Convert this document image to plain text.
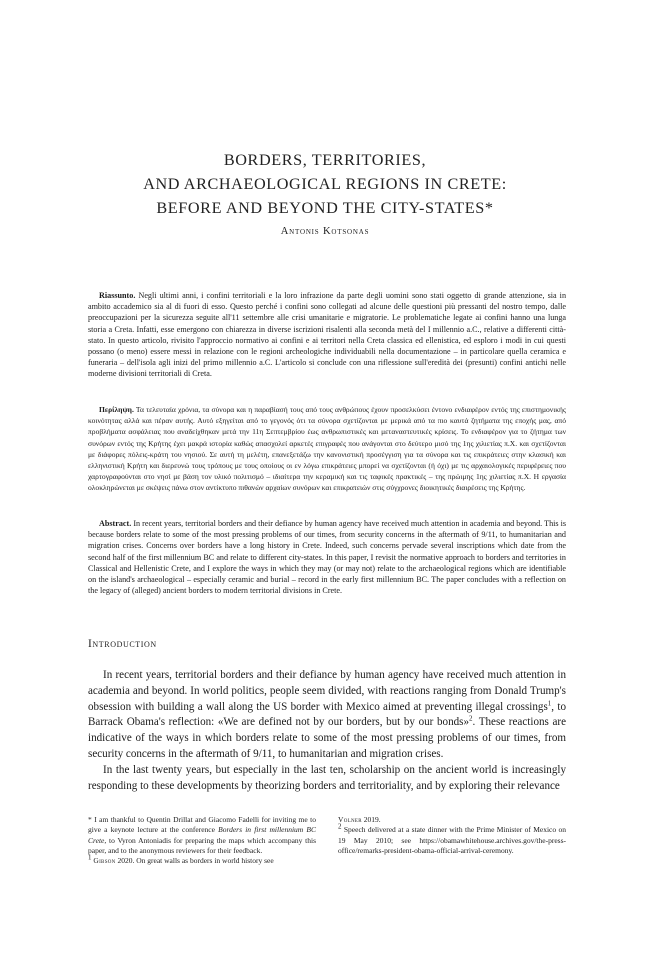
BORDERS, TERRITORIES,
AND ARCHAEOLOGICAL REGIONS IN CRETE:
BEFORE AND BEYOND THE CITY-STATES*
Antonis Kotsonas
Riassunto. Negli ultimi anni, i confini territoriali e la loro infrazione da parte degli uomini sono stati oggetto di grande attenzione, sia in ambito accademico sia al di fuori di esso. Questo perché i confini sono collegati ad alcune delle questioni più pressanti del nostro tempo, dalle preoccupazioni per la sicurezza seguite all'11 settembre alle crisi umanitarie e migratorie. Le problematiche legate ai confini hanno una lunga storia a Creta. Infatti, esse emergono con chiarezza in diverse iscrizioni risalenti alla seconda metà del I millennio a.C., relative a differenti città-stato. In questo articolo, rivisito l'approccio normativo ai confini e ai territori nella Creta classica ed ellenistica, ed esploro i modi in cui questi possano (o meno) essere messi in relazione con le regioni archeologiche individuabili nella documentazione – in particolare quella ceramica e funeraria – dell'isola agli inizi del primo millennio a.C. L'articolo si conclude con una riflessione sull'eredità dei (presunti) confini antichi nelle moderne divisioni territoriali di Creta.
Περίληψη. Τα τελευταία χρόνια, τα σύνορα και η παραβίασή τους από τους ανθρώπους έχουν προσελκύσει έντονο ενδιαφέρον εντός της επιστημονικής κοινότητας αλλά και πέραν αυτής. Αυτό εξηγείται από το γεγονός ότι τα σύνορα σχετίζονται με μερικά από τα πιο καυτά ζητήματα της εποχής μας, από προβλήματα ασφάλειας που αναδείχθηκαν μετά την 11η Σεπτεμβρίου έως ανθρωπιστικές και μεταναστευτικές κρίσεις. Το ενδιαφέρον για το ζήτημα των συνόρων εντός της Κρήτης έχει μακρά ιστορία καθώς απασχολεί αρκετές επιγραφές που ανάγονται στο δεύτερο μισό της 1ης χιλιετίας π.Χ. και σχετίζονται με διάφορες πόλεις-κράτη του νησιού. Σε αυτή τη μελέτη, επανεξετάζω την κανονιστική προσέγγιση για τα σύνορα και τις επικράτειες στην κλασική και ελληνιστική Κρήτη και διερευνώ τους τρόπους με τους οποίους οι εν λόγω επικράτειες μπορεί να σχετίζονται (ή όχι) με τις αρχαιολογικές περιφέρειες που χαρτογραφούνται στο νησί με βάση τον υλικό πολιτισμό – ιδιαίτερα την κεραμική και τις ταφικές πρακτικές – της πρώιμης 1ης χιλιετίας π.Χ. Η εργασία ολοκληρώνεται με σκέψεις πάνω στον αντίκτυπο πιθανών αρχαίων συνόρων και επικρατειών στις σύγχρονες διοικητικές διαιρέσεις της Κρήτης.
Abstract. In recent years, territorial borders and their defiance by human agency have received much attention in academia and beyond. This is because borders relate to some of the most pressing problems of our times, from security concerns in the aftermath of 9/11, to humanitarian and migration crises. Concerns over borders have a long history in Crete. Indeed, such concerns pervade several inscriptions which date from the second half of the first millennium BC and relate to different city-states. In this paper, I revisit the normative approach to borders and territories in Classical and Hellenistic Crete, and I explore the ways in which they may (or may not) relate to the archaeological regions which are identifiable on the island's archaeological – especially ceramic and burial – record in the early first millennium BC. The paper concludes with a reflection on the legacy of (alleged) ancient borders to modern territorial divisions in Crete.
Introduction

In recent years, territorial borders and their defiance by human agency have received much attention in academia and beyond. In world politics, people seem divided, with reactions ranging from Donald Trump's obsession with building a wall along the US border with Mexico aimed at preventing illegal crossings$^1$, to Barrack Obama's reflection: «We are defined not by our borders, but by our bonds»$^2$. These reactions are indicative of the ways in which borders relate to some of the most pressing problems of our times, from security concerns in the aftermath of 9/11, to humanitarian and migration crises.

In the last twenty years, but especially in the last ten, scholarship on the ancient world is increasingly responding to these developments by theorizing borders and territoriality, and by exploring their relevance

* I am thankful to Quentin Drillat and Giacomo Fadelli for inviting me to give a keynote lecture at the conference Borders in first millennium BC Crete, to Vyron Antoniadis for preparing the maps which accompany this paper, and to the anonymous reviewers for their feedback.

$^1$ Gibson 2020. On great walls as borders in world history see

Volner 2019.

$^2$ Speech delivered at a state dinner with the Prime Minister of Mexico on 19 May 2010; see https://obamawhitehouse.archives.gov/the-press-office/remarks-president-obama-official-arrival-ceremony.
